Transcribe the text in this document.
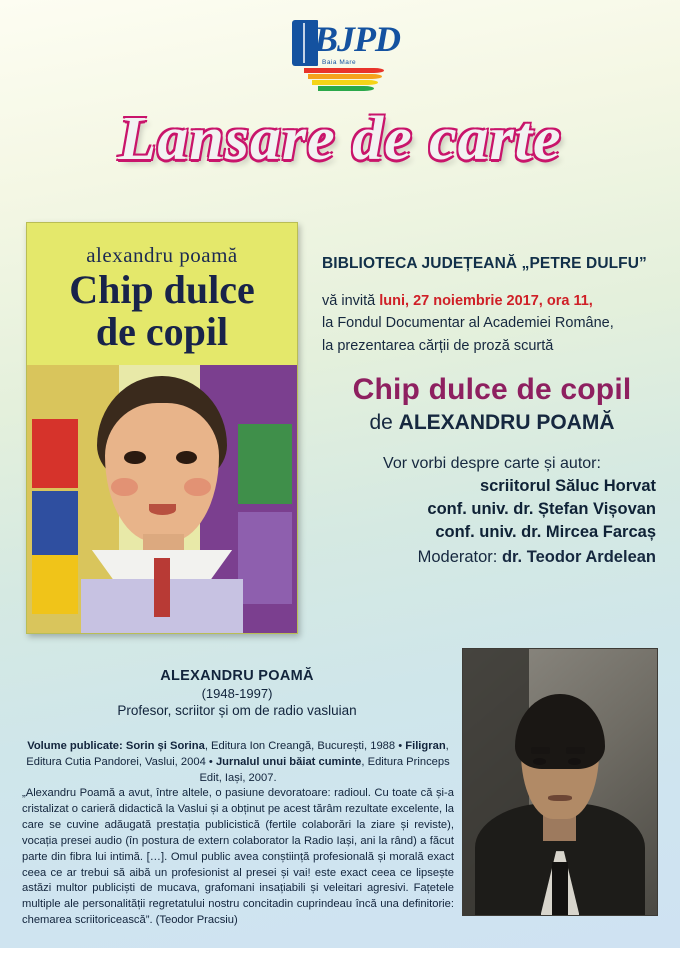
BJPD
Baia Mare
Lansare de carte
alexandru poamă
Chip dulce
de copil
BIBLIOTECA JUDEȚEANĂ „PETRE DULFU”
vă invită luni, 27 noiembrie 2017, ora 11,
la Fondul Documentar al Academiei Române,
la prezentarea cărții de proză scurtă
Chip dulce de copil
de ALEXANDRU POAMĂ
Vor vorbi despre carte și autor:
scriitorul Săluc Horvat
conf. univ. dr. Ștefan Vișovan
conf. univ. dr. Mircea Farcaș
Moderator: dr. Teodor Ardelean
ALEXANDRU POAMĂ
(1948-1997)
Profesor, scriitor și om de radio vasluian
Volume publicate: Sorin și Sorina, Editura Ion Creangă, București, 1988 • Filigran, Editura Cutia Pandorei, Vaslui, 2004 • Jurnalul unui băiat cuminte, Editura Princeps Edit, Iași, 2007.
„Alexandru Poamă a avut, între altele, o pasiune devoratoare: radioul. Cu toate că și-a cristalizat o carieră didactică la Vaslui și a obținut pe acest tărâm rezultate excelente, la care se cuvine adăugată prestația publicistică (fertile colaborări la ziare și reviste), vocația presei audio (în postura de extern colaborator la Radio Iași, ani la rând) a făcut parte din fibra lui intimă. […]. Omul public avea conștiință profesională și morală exact ceea ce ar trebui să aibă un profesionist al presei și vai! este exact ceea ce lipsește astăzi multor publiciști de mucava, grafomani insațiabili și veleitari agresivi. Fațetele multiple ale personalității regretatului nostru concitadin cuprindeau încă una definitorie: chemarea scriitoricească”. (Teodor Pracsiu)
